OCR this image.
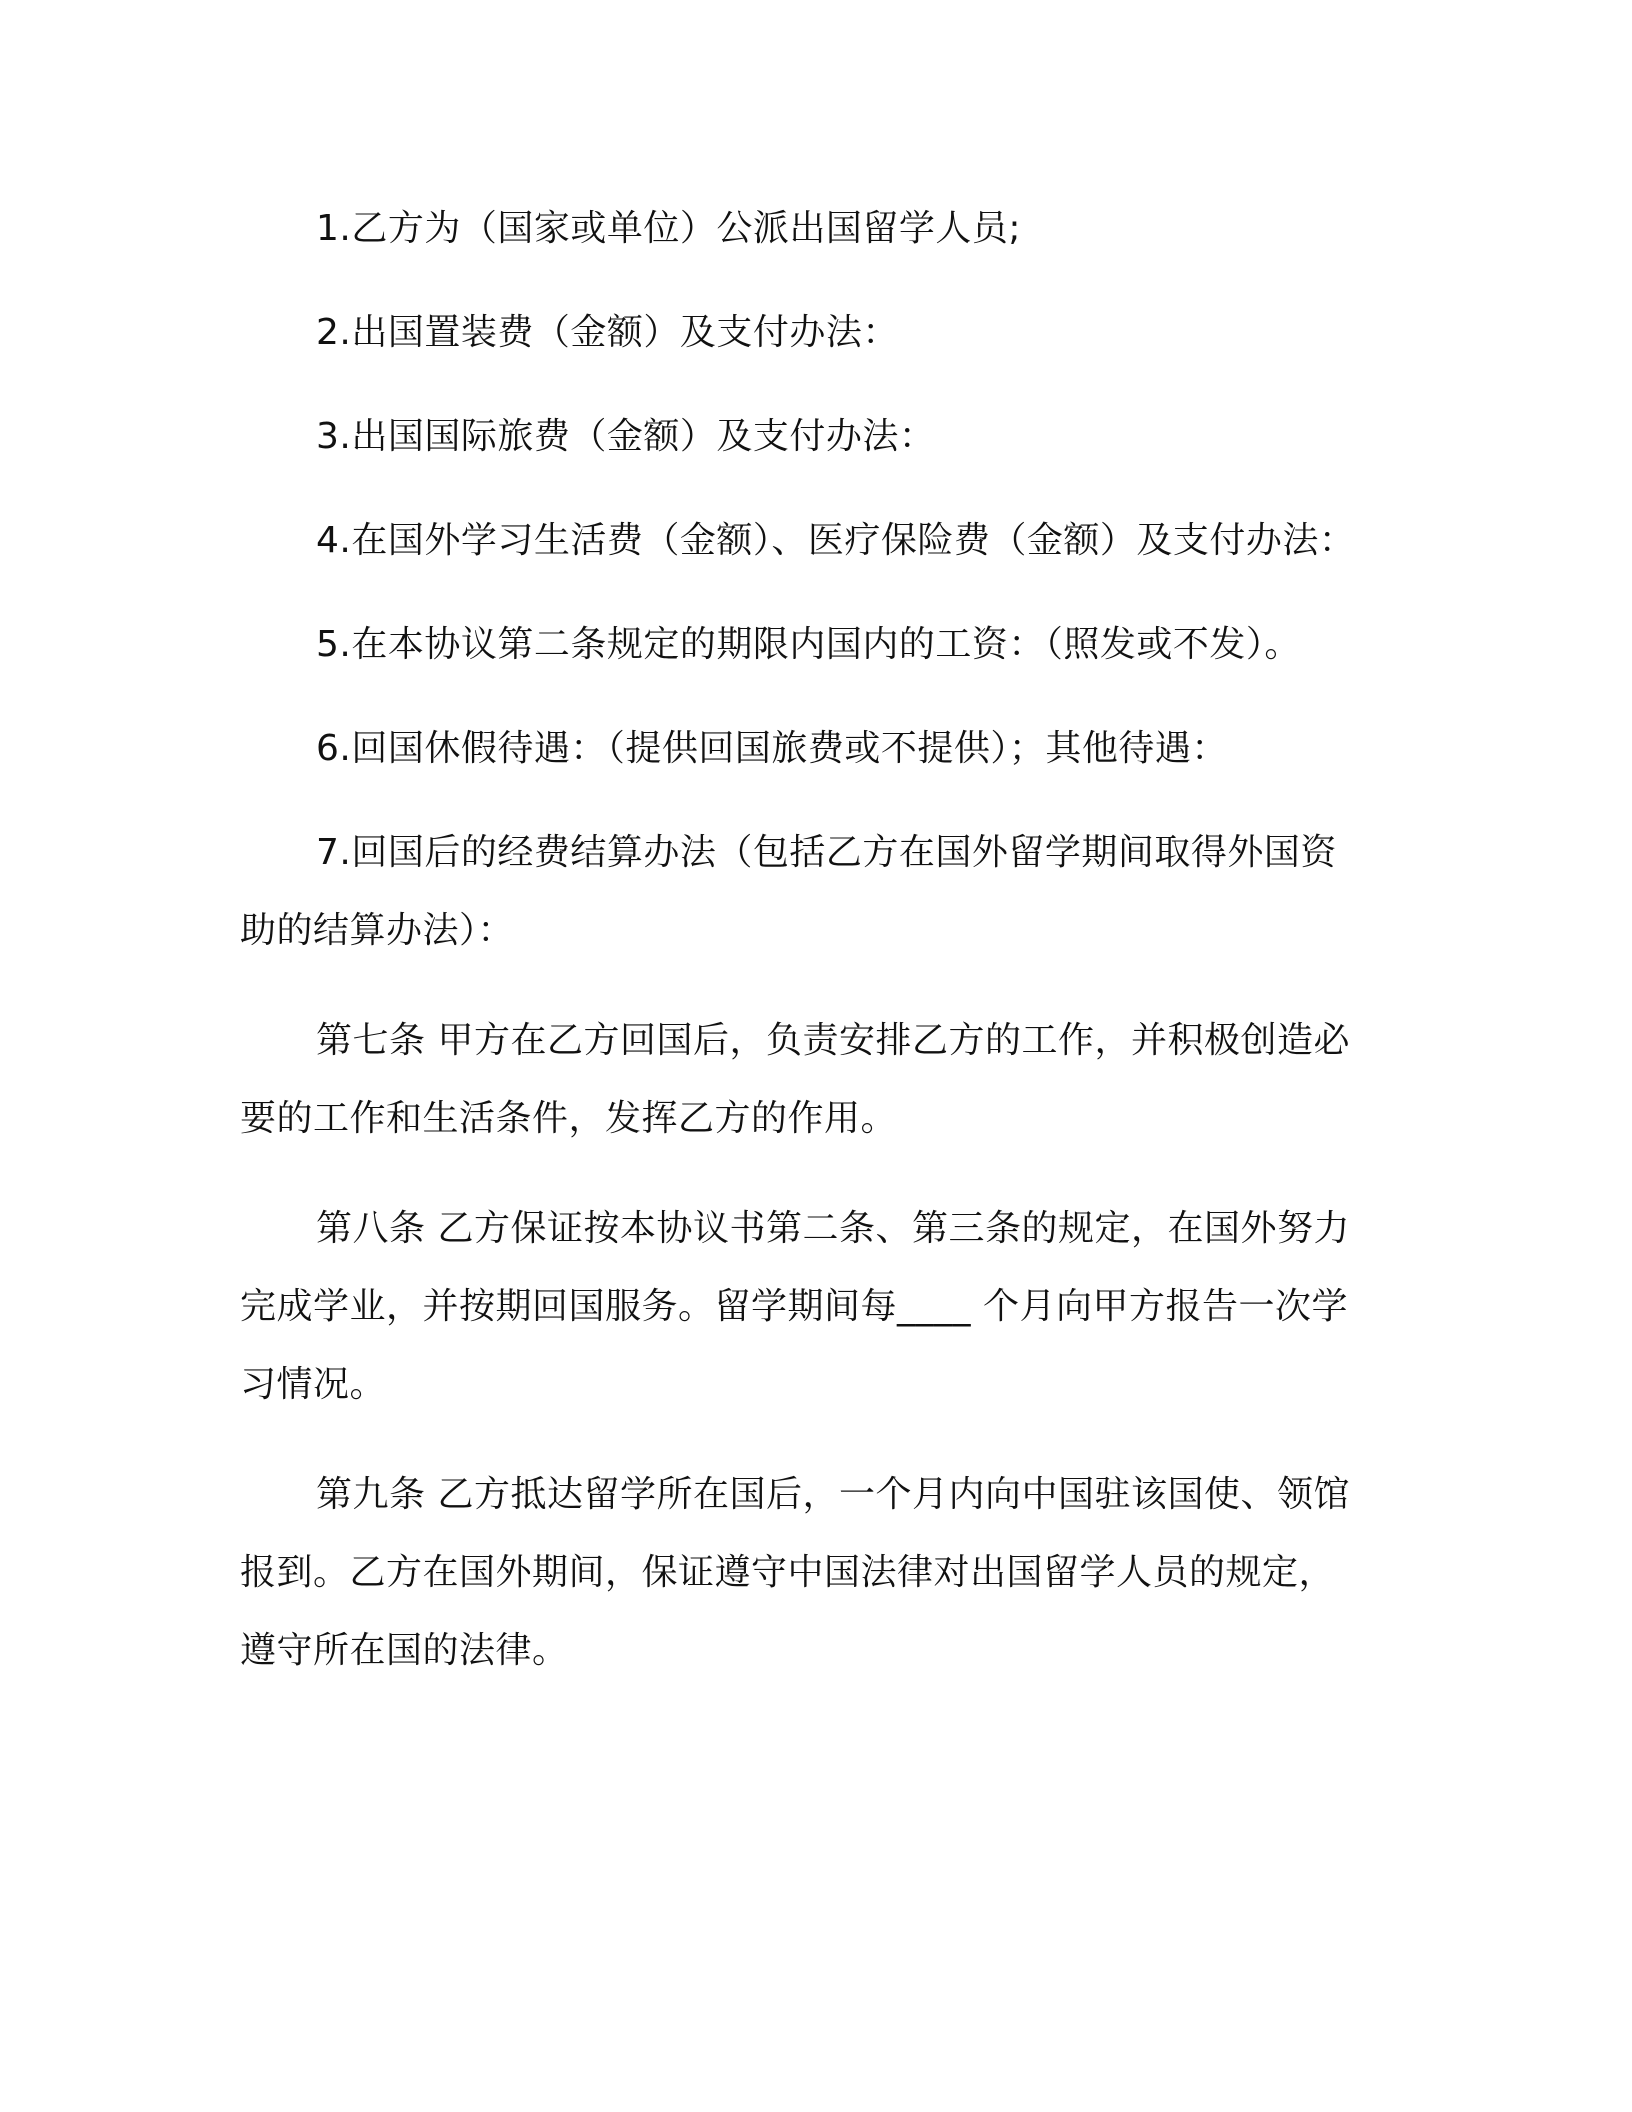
1.乙方为（国家或单位）公派出国留学人员;
2.出国置装费（金额）及支付办法：
3.出国国际旅费（金额）及支付办法：
4.在国外学习生活费（金额）、医疗保险费（金额）及支付办法：
5.在本协议第二条规定的期限内国内的工资：（照发或不发）。
6.回国休假待遇：（提供回国旅费或不提供）；其他待遇：
7.回国后的经费结算办法（包括乙方在国外留学期间取得外国资
助的结算办法）：
第七条 甲方在乙方回国后，负责安排乙方的工作，并积极创造必
要的工作和生活条件，发挥乙方的作用。
第八条 乙方保证按本协议书第二条、第三条的规定，在国外努力
完成学业，并按期回国服务。留学期间每____ 个月向甲方报告一次学
习情况。
第九条 乙方抵达留学所在国后，一个月内向中国驻该国使、领馆
报到。乙方在国外期间，保证遵守中国法律对出国留学人员的规定，
遵守所在国的法律。
